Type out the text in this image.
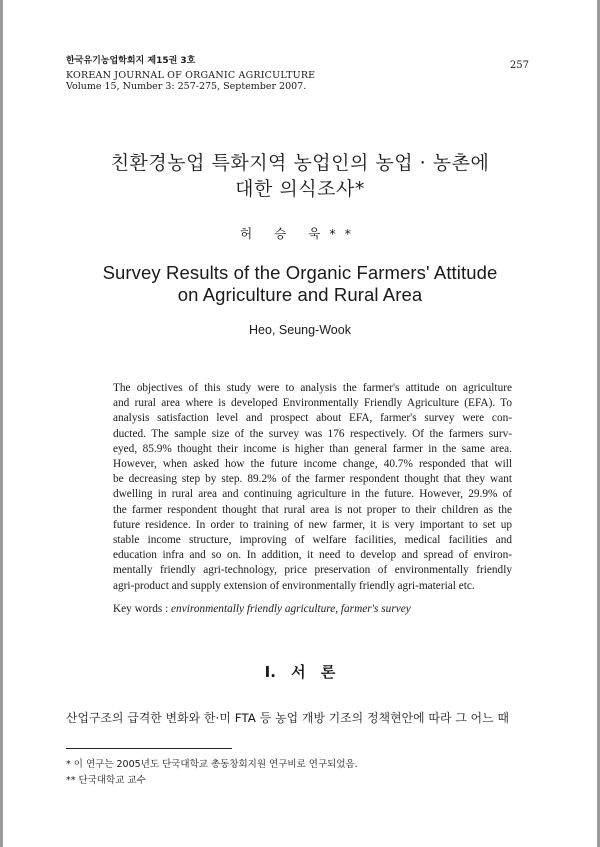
한국유기농업학회지 제15권 3호
KOREAN JOURNAL OF ORGANIC AGRICULTURE
Volume 15, Number 3: 257-275, September 2007.
257
친환경농업 특화지역 농업인의 농업 · 농촌에
대한 의식조사*
허 승 욱**
Survey Results of the Organic Farmers' Attitude
on Agriculture and Rural Area
Heo, Seung-Wook
The objectives of this study were to analysis the farmer's attitude on agriculture
and rural area where is developed Environmentally Friendly Agriculture (EFA). To
analysis satisfaction level and prospect about EFA, farmer's survey were con-
ducted. The sample size of the survey was 176 respectively. Of the farmers surv-
eyed, 85.9% thought their income is higher than general farmer in the same area.
However, when asked how the future income change, 40.7% responded that will
be decreasing step by step. 89.2% of the farmer respondent thought that they want
dwelling in rural area and continuing agriculture in the future. However, 29.9% of
the farmer respondent thought that rural area is not proper to their children as the
future residence. In order to training of new farmer, it is very important to set up
stable income structure, improving of welfare facilities, medical facilities and
education infra and so on. In addition, it need to develop and spread of environ-
mentally friendly agri-technology, price preservation of environmentally friendly
agri-product and supply extension of environmentally friendly agri-material etc.
Key words : environmentally friendly agriculture, farmer's survey
Ⅰ. 서 론
산업구조의 급격한 변화와 한·미 FTA 등 농업 개방 기조의 정책현안에 따라 그 어느 때
* 이 연구는 2005년도 단국대학교 총동창회지원 연구비로 연구되었음.
** 단국대학교 교수
